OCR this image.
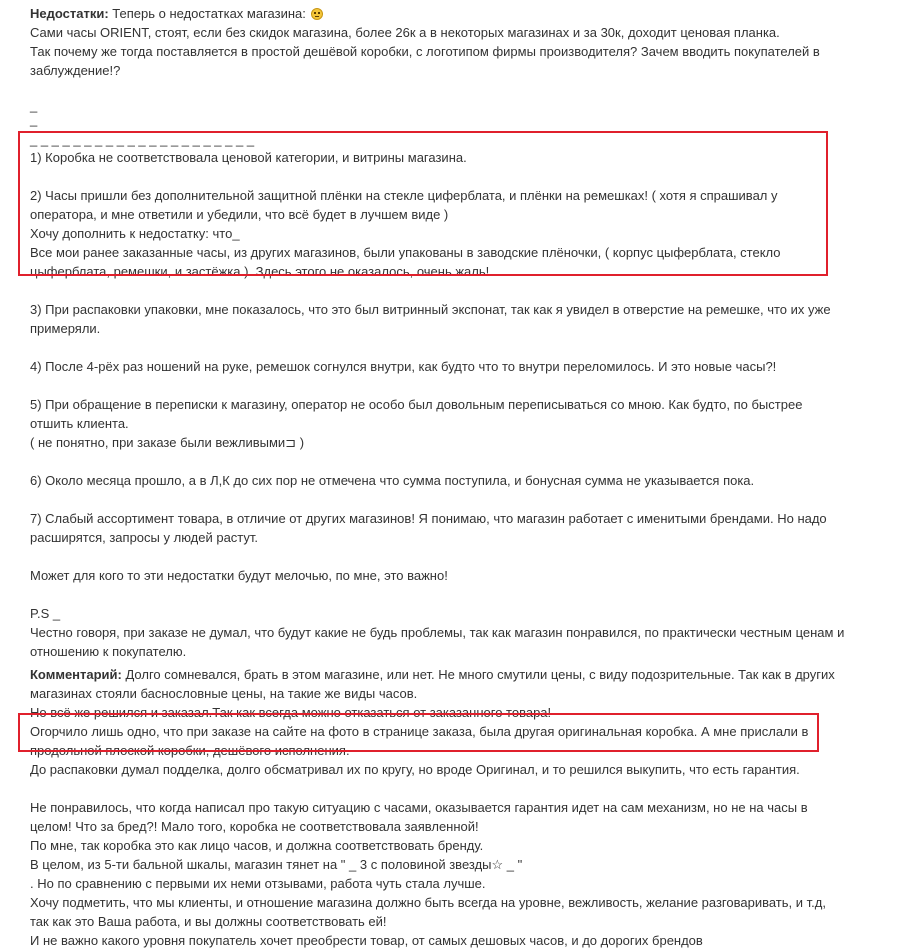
Недостатки: Теперь о недостатках магазина:

Сами часы ORIENT, стоят, если без скидок магазина, более 26к а в некоторых магазинах и за 30к, доходит ценовая планка.

Так почему же тогда поставляется в простой дешёвой коробки, с логотипом фирмы производителя? Зачем вводить покупателей в

заблуждение!?

_

_

_ _ _ _ _ _ _ _ _ _ _ _ _ _ _ _ _ _ _ _ _

1) Коробка не соответствовала ценовой категории, и витрины магазина.

2) Часы пришли без дополнительной защитной плёнки на стекле циферблата, и плёнки на ремешках! ( хотя я спрашивал у

оператора, и мне ответили и убедили, что всё будет в лучшем виде )

Хочу дополнить к недостатку: что_

Все мои ранее заказанные часы, из других магазинов, были упакованы в заводские плёночки, ( корпус цыферблата, стекло

цыферблата, ремешки, и застёжка ). Здесь этого не оказалось, очень жаль!

3) При распаковки упаковки, мне показалось, что это был витринный экспонат, так как я увидел в отверстие на ремешке, что их уже

примеряли.

4) После 4-рёх раз ношений на руке, ремешок согнулся внутри, как будто что то внутри переломилось. И это новые часы?!

5) При обращение в переписки к магазину, оператор не особо был довольным переписываться со мною. Как будто, по быстрее

отшить клиента.

( не понятно, при заказе были вежливыми⊐ )

6) Около месяца прошло, а в Л,К до сих пор не отмечена что сумма поступила, и бонусная сумма не указывается пока.

7) Слабый ассортимент товара, в отличие от других магазинов! Я понимаю, что магазин работает с именитыми брендами. Но надо

расширятся, запросы у людей растут.

Может для кого то эти недостатки будут мелочью, по мне, это важно!

P.S _

Честно говоря, при заказе не думал, что будут какие не будь проблемы, так как магазин понравился, по практически честным ценам и

отношению к покупателю.

Комментарий: Долго сомневался, брать в этом магазине, или нет. Не много смутили цены, с виду подозрительные. Так как в других

магазинах стояли баснословные цены, на такие же виды часов.

Но всё же решился и заказал.Так как всегда можно отказаться от заказанного товара!

Огорчило лишь одно, что при заказе на сайте на фото в странице заказа, была другая оригинальная коробка. А мне прислали в

продольной плоской коробки, дешёвого исполнения.

До распаковки думал подделка, долго обсматривал их по кругу, но вроде Оригинал, и то решился выкупить, что есть гарантия.

Не понравилось, что когда написал про такую ситуацию с часами, оказывается гарантия идет на сам механизм, но не на часы в

целом! Что за бред?! Мало того, коробка не соответствовала заявленной!

По мне, так коробка это как лицо часов, и должна соответствовать бренду.

В целом, из 5-ти бальной шкалы, магазин тянет на " _ 3 с половиной звезды☆ _ "

. Но по сравнению с первыми их неми отзывами, работа чуть стала лучше.

Хочу подметить, что мы клиенты, и отношение магазина должно быть всегда на уровне, вежливость, желание разговаривать, и т.д,

так как это Ваша работа, и вы должны соответствовать ей!

И не важно какого уровня покупатель хочет преобрести товар, от самых дешовых часов, и до дорогих брендов
